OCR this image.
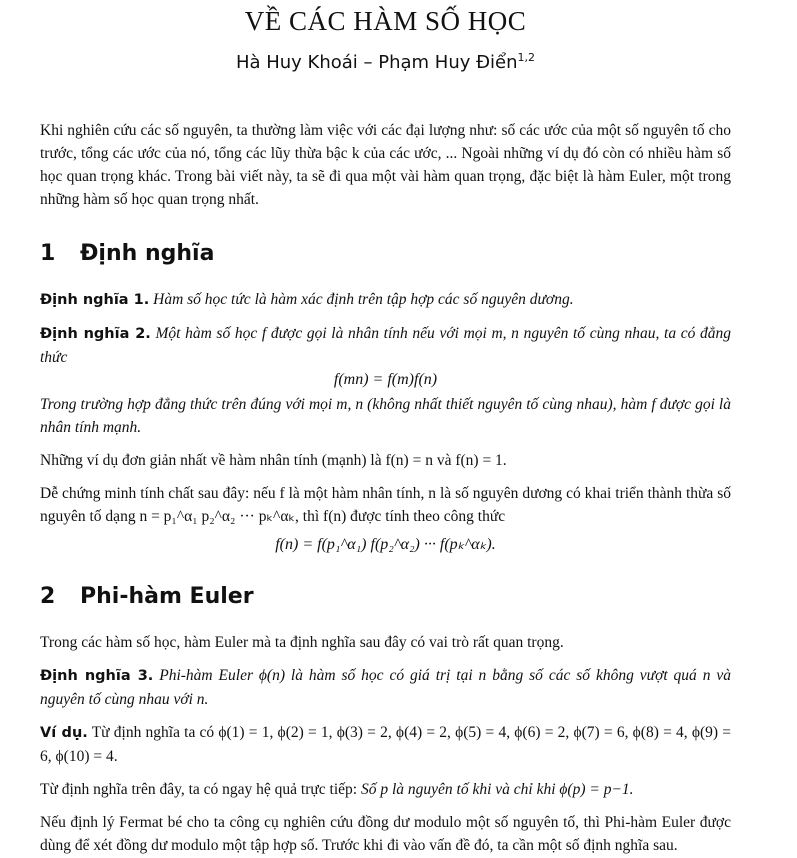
VỀ CÁC HÀM SỐ HỌC
Hà Huy Khoái – Phạm Huy Điển$^{1,2}$

Khi nghiên cứu các số nguyên, ta thường làm việc với các đại lượng như: số các ước của một số nguyên tố cho trước, tổng các ước của nó, tổng các lũy thừa bậc k của các ước, ... Ngoài những ví dụ đó còn có nhiều hàm số học quan trọng khác. Trong bài viết này, ta sẽ đi qua một vài hàm quan trọng, đặc biệt là hàm Euler, một trong những hàm số học quan trọng nhất.

1 Định nghĩa

Định nghĩa 1. Hàm số học tức là hàm xác định trên tập hợp các số nguyên dương.

Định nghĩa 2. Một hàm số học f được gọi là nhân tính nếu với mọi m, n nguyên tố cùng nhau, ta có đẳng thức

f(mn) = f(m)f(n)

Trong trường hợp đẳng thức trên đúng với mọi m, n (không nhất thiết nguyên tố cùng nhau), hàm f được gọi là nhân tính mạnh.

Những ví dụ đơn giản nhất về hàm nhân tính (mạnh) là f(n) = n và f(n) = 1.

Dễ chứng minh tính chất sau đây: nếu f là một hàm nhân tính, n là số nguyên dương có khai triển thành thừa số nguyên tố dạng n = p₁^α₁ p₂^α₂ ··· pₖ^αₖ, thì f(n) được tính theo công thức

f(n) = f(p₁^α₁) f(p₂^α₂) ··· f(pₖ^αₖ).
2 Phi-hàm Euler

Trong các hàm số học, hàm Euler mà ta định nghĩa sau đây có vai trò rất quan trọng.

Định nghĩa 3. Phi-hàm Euler ϕ(n) là hàm số học có giá trị tại n bằng số các số không vượt quá n và nguyên tố cùng nhau với n.

Ví dụ. Từ định nghĩa ta có ϕ(1) = 1, ϕ(2) = 1, ϕ(3) = 2, ϕ(4) = 2, ϕ(5) = 4, ϕ(6) = 2, ϕ(7) = 6, ϕ(8) = 4, ϕ(9) = 6, ϕ(10) = 4.

Từ định nghĩa trên đây, ta có ngay hệ quả trực tiếp: Số p là nguyên tố khi và chỉ khi ϕ(p) = p−1.

Nếu định lý Fermat bé cho ta công cụ nghiên cứu đồng dư modulo một số nguyên tố, thì Phi-hàm Euler được dùng để xét đồng dư modulo một tập hợp số. Trước khi đi vào vấn đề đó, ta cần một số định nghĩa sau.
